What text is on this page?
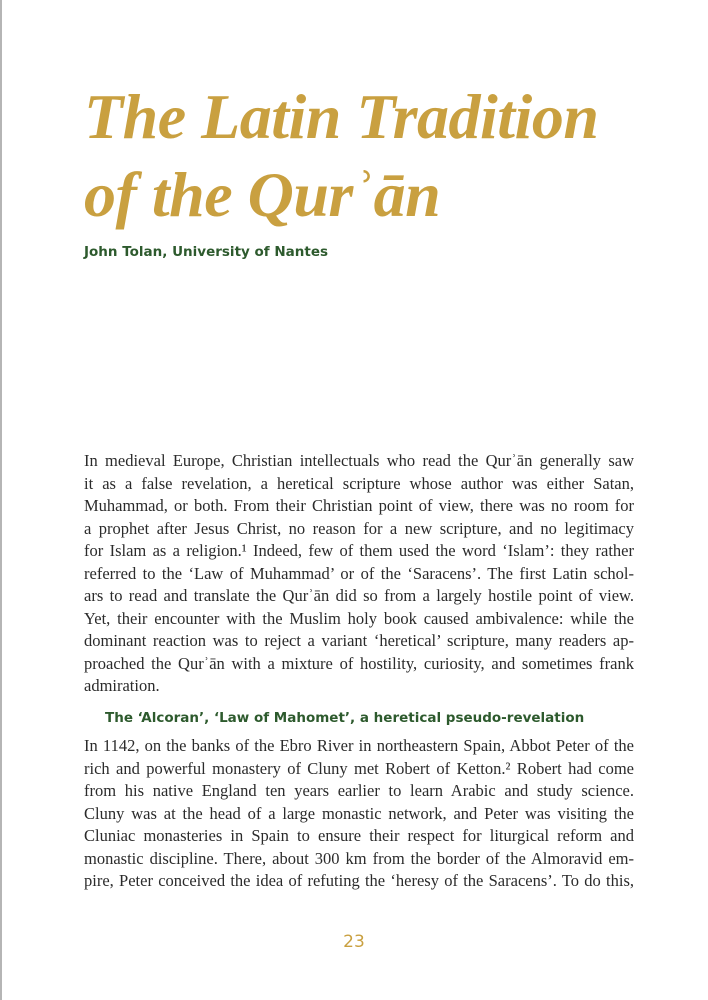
The Latin Tradition
of the Qurʾān
John Tolan, University of Nantes
In medieval Europe, Christian intellectuals who read the Qurʾān generally saw
it as a false revelation, a heretical scripture whose author was either Satan,
Muhammad, or both. From their Christian point of view, there was no room for
a prophet after Jesus Christ, no reason for a new scripture, and no legitimacy
for Islam as a religion.¹ Indeed, few of them used the word ‘Islam’: they rather
referred to the ‘Law of Muhammad’ or of the ‘Saracens’. The first Latin schol-
ars to read and translate the Qurʾān did so from a largely hostile point of view.
Yet, their encounter with the Muslim holy book caused ambivalence: while the
dominant reaction was to reject a variant ‘heretical’ scripture, many readers ap-
proached the Qurʾān with a mixture of hostility, curiosity, and sometimes frank
admiration.
The ‘Alcoran’, ‘Law of Mahomet’, a heretical pseudo-revelation
In 1142, on the banks of the Ebro River in northeastern Spain, Abbot Peter of the
rich and powerful monastery of Cluny met Robert of Ketton.² Robert had come
from his native England ten years earlier to learn Arabic and study science.
Cluny was at the head of a large monastic network, and Peter was visiting the
Cluniac monasteries in Spain to ensure their respect for liturgical reform and
monastic discipline. There, about 300 km from the border of the Almoravid em-
pire, Peter conceived the idea of refuting the ‘heresy of the Saracens’. To do this,
23
